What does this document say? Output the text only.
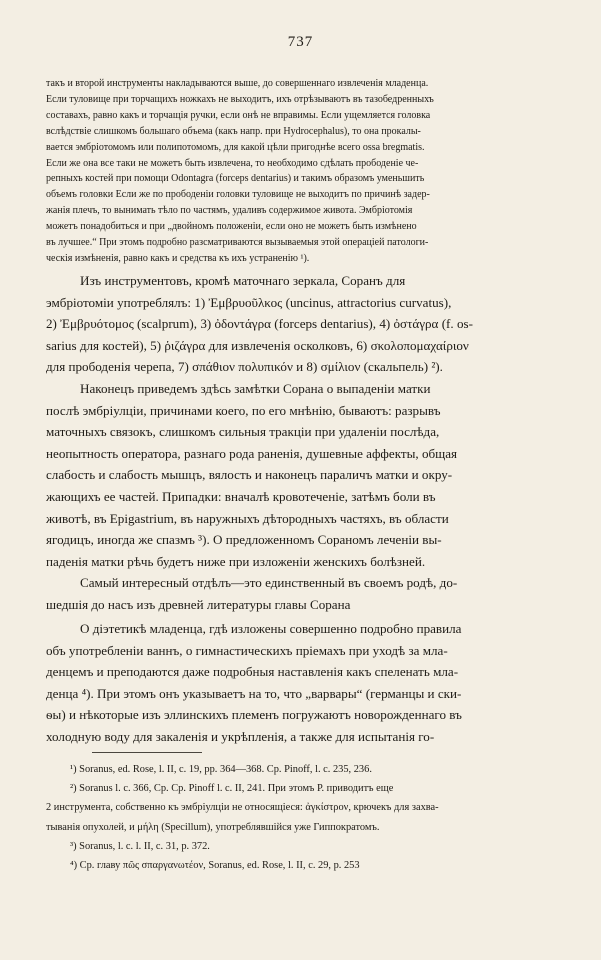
737

такъ и второй инструменты накладываются выше, до совершеннаго извлеченія младенца.

Если туловище при торчащихъ ножкахъ не выходитъ, ихъ отрѣзываютъ въ тазобедренныхъ

составахъ, равно какъ и торчащія ручки, если онѣ не вправимы. Если ущемляется головка

вслѣдствіе слишкомъ большаго объема (какъ напр. при Hydrocephalus), то она прокалы-

вается эмбріотомомъ или полипотомомъ, для какой цѣли пригоднѣе всего ossa bregmatis.

Если же она все таки не можетъ быть извлечена, то необходимо сдѣлать прободеніе че-

репныхъ костей при помощи Odontagra (forceps dentarius) и такимъ образомъ уменьшить

объемъ головки Если же по прободеніи головки туловище не выходитъ по причинѣ задер-

жанія плечъ, то вынимать тѣло по частямъ, удаливъ содержимое живота. Эмбріотомія

можетъ понадобиться и при „двойномъ положеніи, если оно не можетъ быть измѣнено

въ лучшее.“ При этомъ подробно разсматриваются вызываемыя этой операціей патологи-

ческія измѣненія, равно какъ и средства къ ихъ устраненію ¹).

Изъ инструментовъ, кромѣ маточнаго зеркала, Соранъ для

эмбріотоміи употреблялъ: 1) Ἐμβρυοῦλκος (uncinus, attractorius curvatus),

2) Ἐμβρυότομος (scalprum), 3) ὀδοντάγρα (forceps dentarius), 4) ὀστάγρα (f. os-

sarius для костей), 5) ῥιζάγρα для извлеченія осколковъ, 6) σκολοπομαχαίριον

для прободенія черепа, 7) σπάθιον πολυπικόν и 8) σμίλιον (скальпель) ²).

Наконецъ приведемъ здѣсь замѣтки Сорана о выпаденіи матки

послѣ эмбріулціи, причинами коего, по его мнѣнію, бываютъ: разрывъ

маточныхъ связокъ, слишкомъ сильныя тракціи при удаленіи послѣда,

неопытность оператора, разнаго рода раненія, душевные аффекты, общая

слабость и слабость мышцъ, вялость и наконецъ параличъ матки и окру-

жающихъ ее частей. Припадки: вначалѣ кровотеченіе, затѣмъ боли въ

животѣ, въ Epigastrium, въ наружныхъ дѣтородныхъ частяхъ, въ области

ягодицъ, иногда же спазмъ ³). О предложенномъ Сораномъ леченіи вы-

паденія матки рѣчь будетъ ниже при изложеніи женскихъ болѣзней.

Самый интересный отдѣлъ—это единственный въ своемъ родѣ, до-

шедшія до насъ изъ древней литературы главы Сорана

О діэтетикѣ младенца, гдѣ изложены совершенно подробно правила

объ употребленіи ваннъ, о гимнастическихъ пріемахъ при уходѣ за мла-

денцемъ и преподаются даже подробныя наставленія какъ спеленать мла-

денца ⁴). При этомъ онъ указываетъ на то, что „варвары“ (германцы и ски-

ѳы) и нѣкоторые изъ эллинскихъ племенъ погружаютъ новорожденнаго въ

холодную воду для закаленія и укрѣпленія, а также для испытанія го-

¹) Soranus, ed. Rose, l. II, c. 19, pp. 364—368. Cp. Pinoff, l. c. 235, 236.
²) Soranus l. c. 366, Cp. Cp. Pinoff l. c. II, 241. При этомъ Р. приводитъ еще
2 инструмента, собственно къ эмбріулціи не относящіеся: ἀγκίστρον, крючекъ для захва-
тыванія опухолей, и μήλη (Specillum), употреблявшійся уже Гиппократомъ.
³) Soranus, l. c. l. II, c. 31, p. 372.
⁴) Cp. главу πῶς σπαργανωτέον, Soranus, ed. Rose, l. II, c. 29, p. 253
